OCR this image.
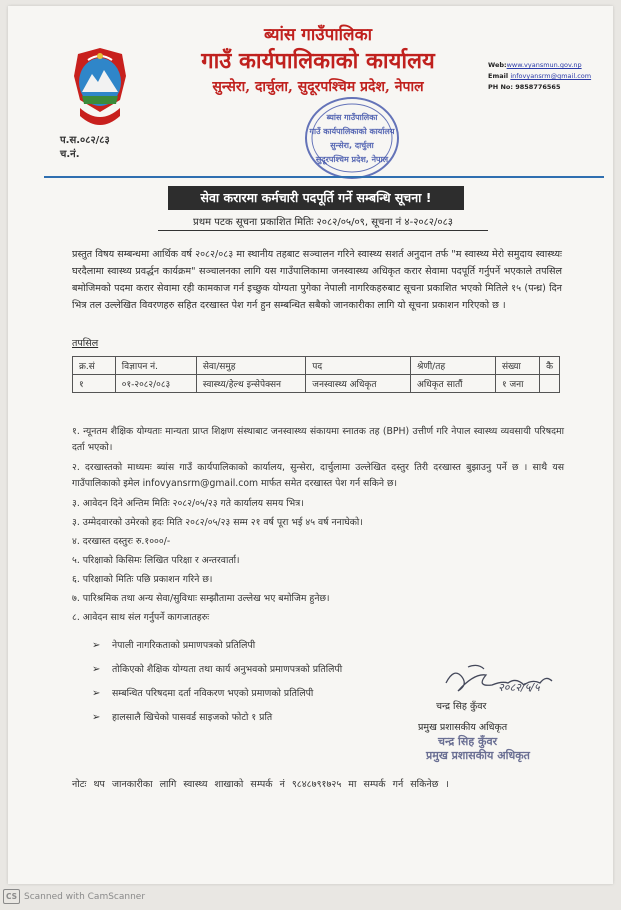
ब्यांस गाउँपालिका
गाउँ कार्यपालिकाको कार्यालय
सुन्सेरा, दार्चुला, सुदूरपश्चिम प्रदेश, नेपाल
Web:www.vyansmun.gov.np
Email infovyansrm@gmail.com
PH No: 9858776565
प.स.०८२/८३
च.नं.
ब्यांस गाउँपालिका
गाउँ कार्यपालिकाको कार्यालय
सुन्सेरा, दार्चुला
सुदूरपश्चिम प्रदेश, नेपाल
सेवा करारमा कर्मचारी पदपूर्ति गर्ने सम्बन्धि सूचना !
प्रथम पटक सूचना प्रकाशित मितिः २०८२/०५/०९, सूचना नं ४-२०८२/०८३
प्रस्तुत विषय सम्बन्धमा आर्थिक वर्ष २०८२/०८३ मा स्थानीय तहबाट सञ्चालन गरिने स्वास्थ्य सशर्त अनुदान तर्फ "म स्वास्थ्य मेरो समुदाय स्वास्थ्यः घरदैलामा स्वास्थ्य प्रवर्द्धन कार्यक्रम" सञ्चालनका लागि यस गाउँपालिकामा जनस्वास्थ्य अधिकृत करार सेवामा पदपूर्ति गर्नुपर्ने भएकाले तपसिल बमोजिमको पदमा करार सेवामा रही कामकाज गर्न इच्छुक योग्यता पुगेका नेपाली नागरिकहरुबाट सूचना प्रकाशित भएको मितिले १५ (पन्ध्र) दिन भित्र तल उल्लेखित विवरणहरु सहित दरखास्त पेश गर्न हुन सम्बन्धित सबैको जानकारीका लागि यो सूचना प्रकाशन गरिएको छ ।
तपसिल
क्र.सं	विज्ञापन नं.	सेवा/समुह	पद	श्रेणी/तह	संख्या	कै
१	०१-२०८२/०८३	स्वास्थ्य/हेल्थ इन्सेपेक्सन	जनस्वास्थ्य अधिकृत	अधिकृत सातौं	१ जना	

१. न्यूनतम शैक्षिक योग्यताः मान्यता प्राप्त शिक्षण संस्थाबाट जनस्वास्थ्य संकायमा स्नातक तह (BPH) उत्तीर्ण गरि नेपाल स्वास्थ्य व्यवसायी परिषदमा दर्ता भएको।

२. दरखास्तको माध्यमः ब्यांस गाउँ कार्यपालिकाको कार्यालय, सुन्सेरा, दार्चुलामा उल्लेखित दस्तुर तिरी दरखास्त बुझाउनु पर्ने छ । साथै यस गाउँपालिकाको इमेल infovyansrm@gmail.com मार्फत समेत दरखास्त पेश गर्न सकिने छ।

३. आवेदन दिने अन्तिम मितिः २०८२/०५/२३ गते कार्यालय समय भित्र।
३. उम्मेदवारको उमेरको हदः मिति २०८२/०५/२३ सम्म २१ वर्ष पूरा भई ४५ वर्ष ननाघेको।
४. दरखास्त दस्तुरः रु.१०००/-
५. परिक्षाको किसिमः लिखित परिक्षा र अन्तरवार्ता।
६. परिक्षाको मितिः पछि प्रकाशन गरिने छ।
७. पारिश्रमिक तथा अन्य सेवा/सुविधाः सम्झौतामा उल्लेख भए बमोजिम हुनेछ।
८. आवेदन साथ संल गर्नुपर्ने कागजातहरुः
➢ नेपाली नागरिकताको प्रमाणपत्रको प्रतिलिपी
➢ तोकिएको शैक्षिक योग्यता तथा कार्य अनुभवको प्रमाणपत्रको प्रतिलिपी
➢ सम्बन्धित परिषदमा दर्ता नविकरण भएको प्रमाणको प्रतिलिपी
➢ हालसालै खिचेको पासवर्ड साइजको फोटो १ प्रति
२०८२/५/५
चन्द्र सिह कुँवर
प्रमुख प्रशासकीय अधिकृत
चन्द्र सिह कुँवर
प्रमुख प्रशासकीय अधिकृत
नोटः थप जानकारीका लागि स्वास्थ्य शाखाको सम्पर्क नं ९८४८७९१७२५ मा सम्पर्क गर्न सकिनेछ ।
CS Scanned with CamScanner
